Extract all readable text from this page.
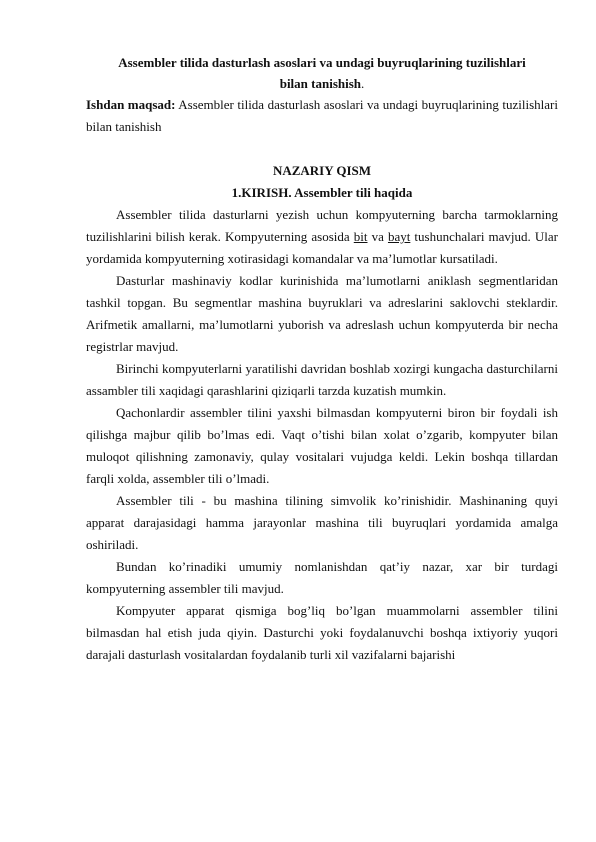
Assembler tilida dasturlash asoslari va undagi buyruqlarining tuzilishlari
bilan tanishish.

Ishdan maqsad: Assembler tilida dasturlash asoslari va undagi buyruqlarining tuzilishlari bilan tanishish

NAZARIY QISM

1.KIRISH. Assembler tili haqida

Assembler tilida dasturlarni yezish uchun kompyuterning barcha tarmoklarning tuzilishlarini bilish kerak. Kompyuterning asosida bit va bayt tushunchalari mavjud. Ular yordamida kompyuterning xotirasidagi komandalar va ma’lumotlar kursatiladi.

Dasturlar mashinaviy kodlar kurinishida ma’lumotlarni aniklash segmentlaridan tashkil topgan. Bu segmentlar mashina buyruklari va adreslarini saklovchi steklardir. Arifmetik amallarni, ma’lumotlarni yuborish va adreslash uchun kompyuterda bir necha registrlar mavjud.

Birinchi kompyuterlarni yaratilishi davridan boshlab xozirgi kungacha dasturchilarni assambler tili xaqidagi qarashlarini qiziqarli tarzda kuzatish mumkin.

Qachonlardir assembler tilini yaxshi bilmasdan kompyuterni biron bir foydali ish qilishga majbur qilib bo’lmas edi. Vaqt o’tishi bilan xolat o’zgarib, kompyuter bilan muloqot qilishning zamonaviy, qulay vositalari vujudga keldi. Lekin boshqa tillardan farqli xolda, assembler tili o’lmadi.

Assembler tili - bu mashina tilining simvolik ko’rinishidir. Mashinaning quyi apparat darajasidagi hamma jarayonlar mashina tili buyruqlari yordamida amalga oshiriladi.

Bundan ko’rinadiki umumiy nomlanishdan qat’iy nazar, xar bir turdagi kompyuterning assembler tili mavjud.

Kompyuter apparat qismiga bog’liq bo’lgan muammolarni assembler tilini bilmasdan hal etish juda qiyin. Dasturchi yoki foydalanuvchi boshqa ixtiyoriy yuqori darajali dasturlash vositalardan foydalanib turli xil vazifalarni bajarishi
